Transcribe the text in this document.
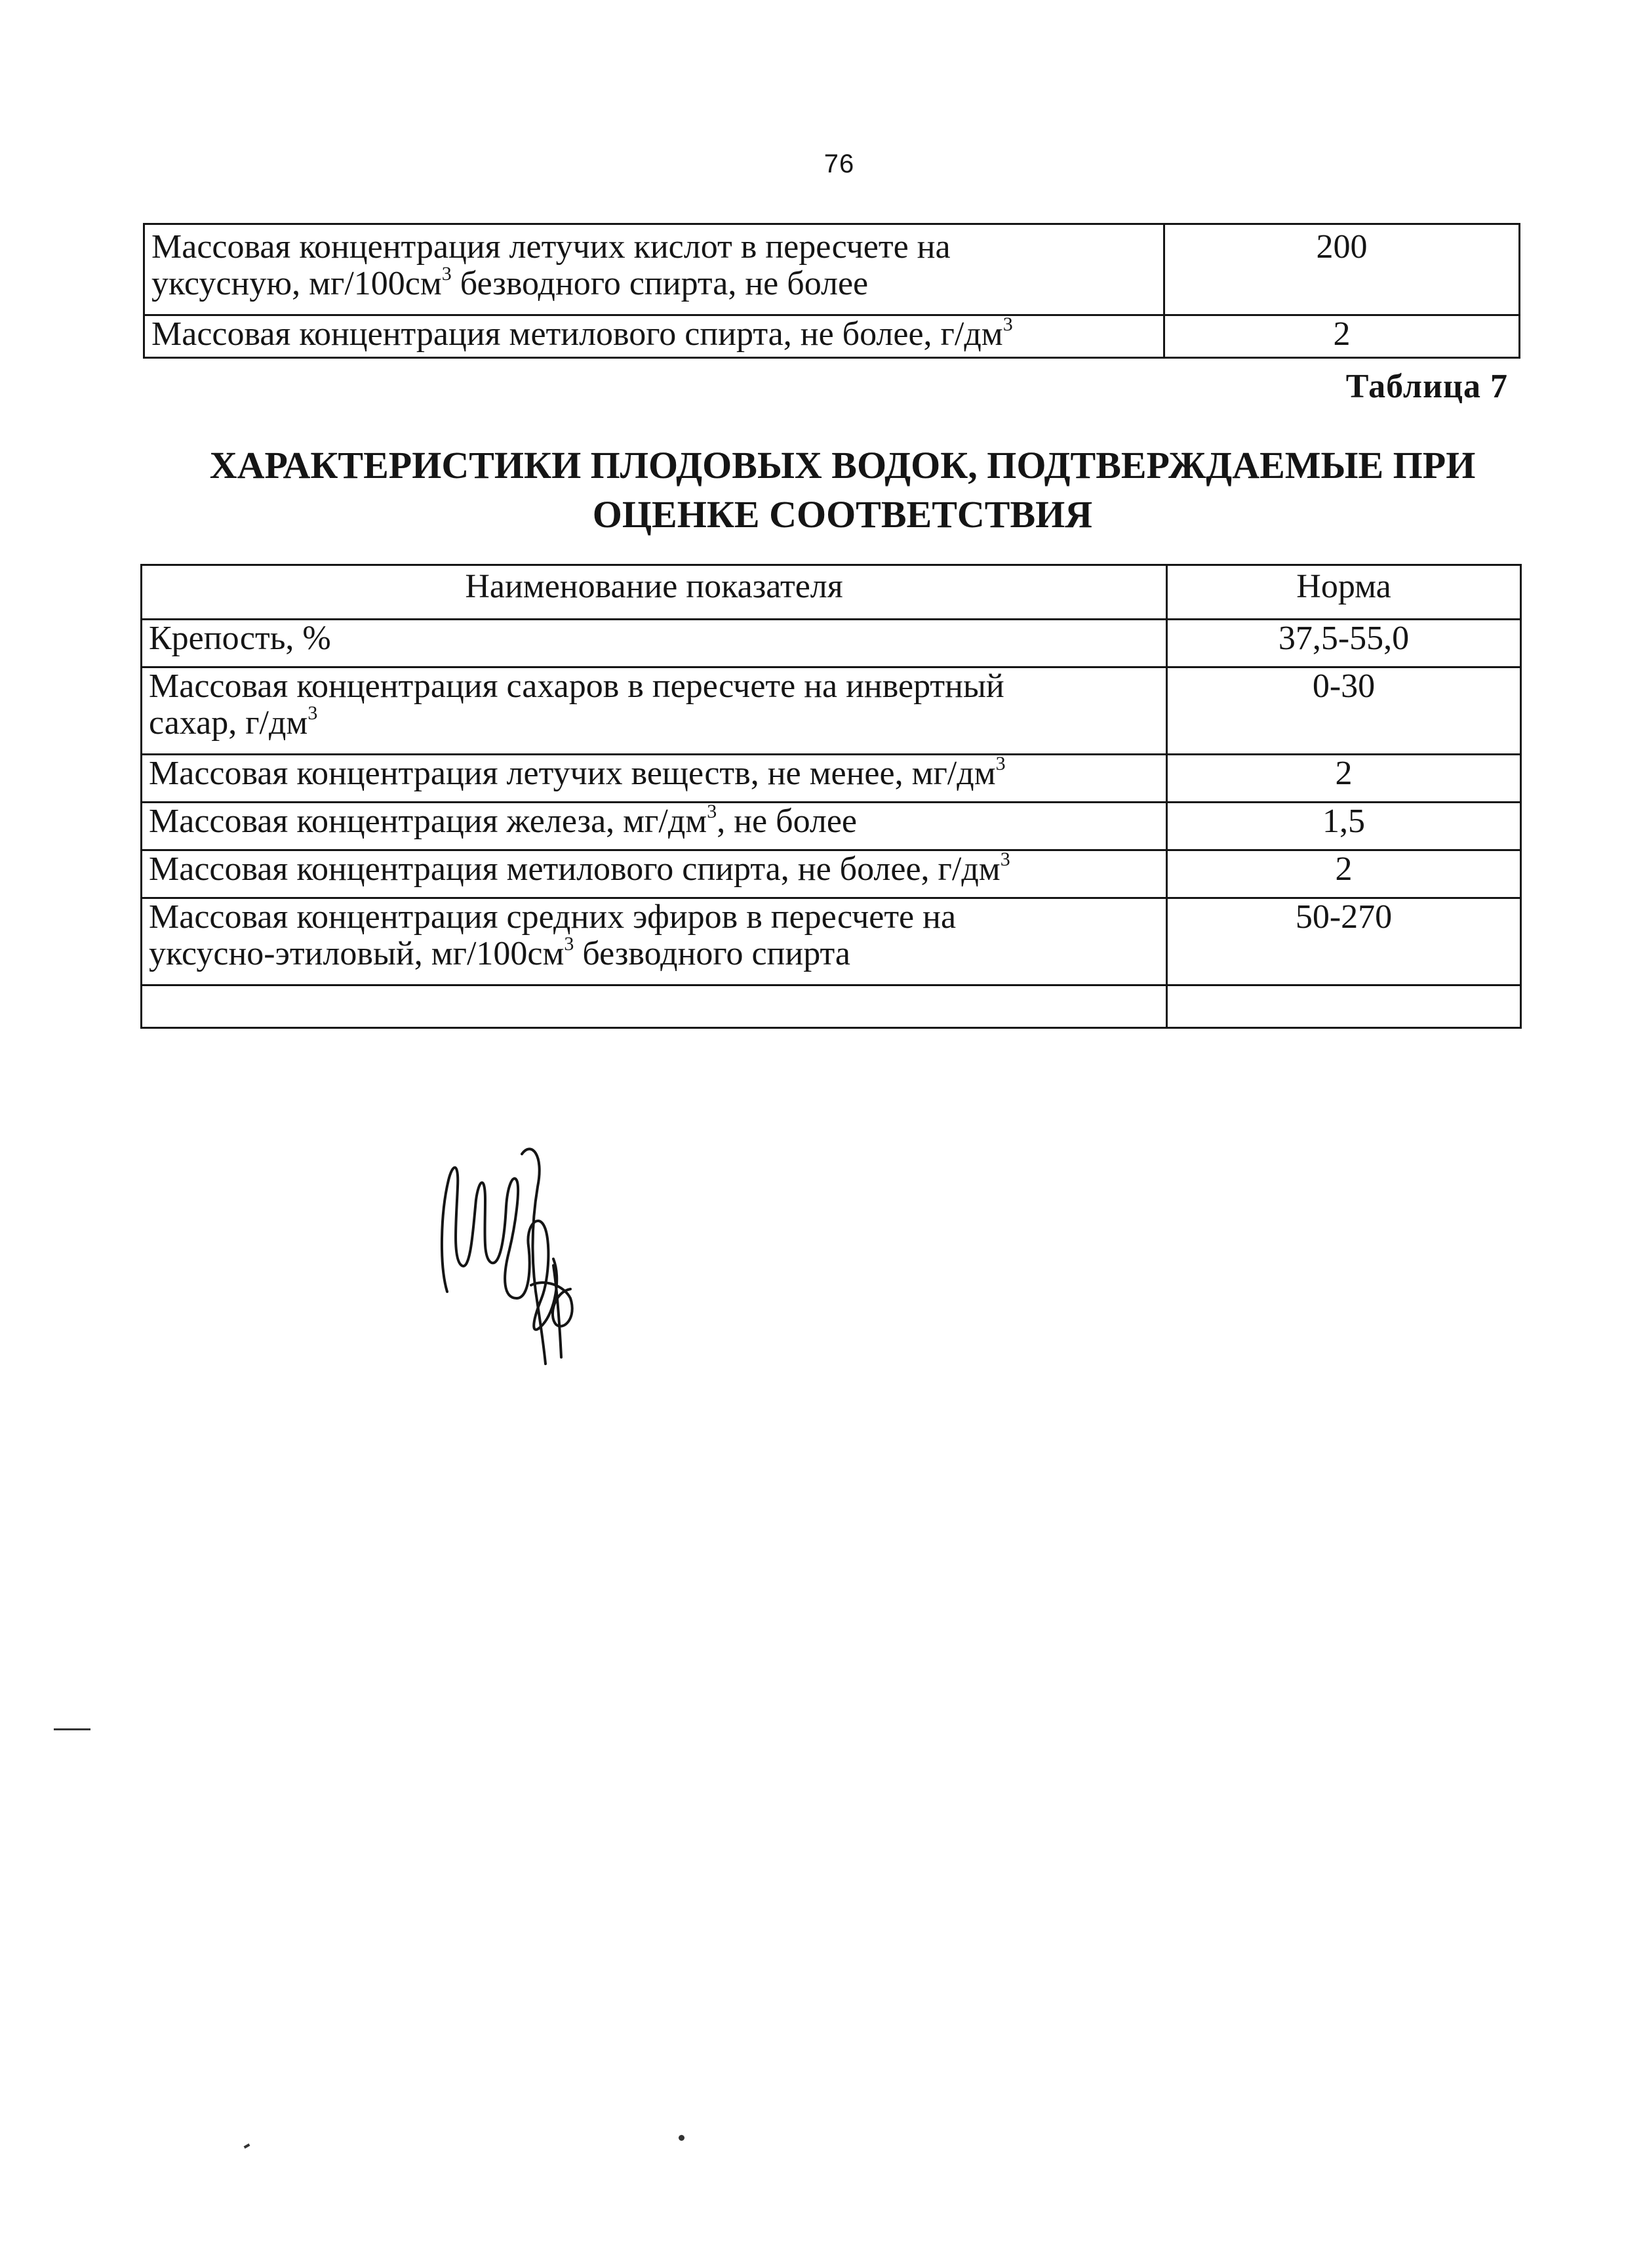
76
Массовая концентрация летучих кислот в пересчете на
уксусную, $мг/100см^3$ безводного спирта, не более	200
Массовая концентрация метилового спирта, не более, $г/дм^3$	2
Таблица 7
ХАРАКТЕРИСТИКИ ПЛОДОВЫХ ВОДОК, ПОДТВЕРЖДАЕМЫЕ ПРИ
ОЦЕНКЕ СООТВЕТСТВИЯ
Наименование показателя	Норма
Крепость, %	37,5-55,0
Массовая концентрация сахаров в пересчете на инвертный
сахар, $г/дм^3$	0-30
Массовая концентрация летучих веществ, не менее, $мг/дм^3$	2
Массовая концентрация железа, $мг/дм^3$, не более	1,5
Массовая концентрация метилового спирта, не более, $г/дм^3$	2
Массовая концентрация средних эфиров в пересчете на
уксусно-этиловый, $мг/100см^3$ безводного спирта	50-270
